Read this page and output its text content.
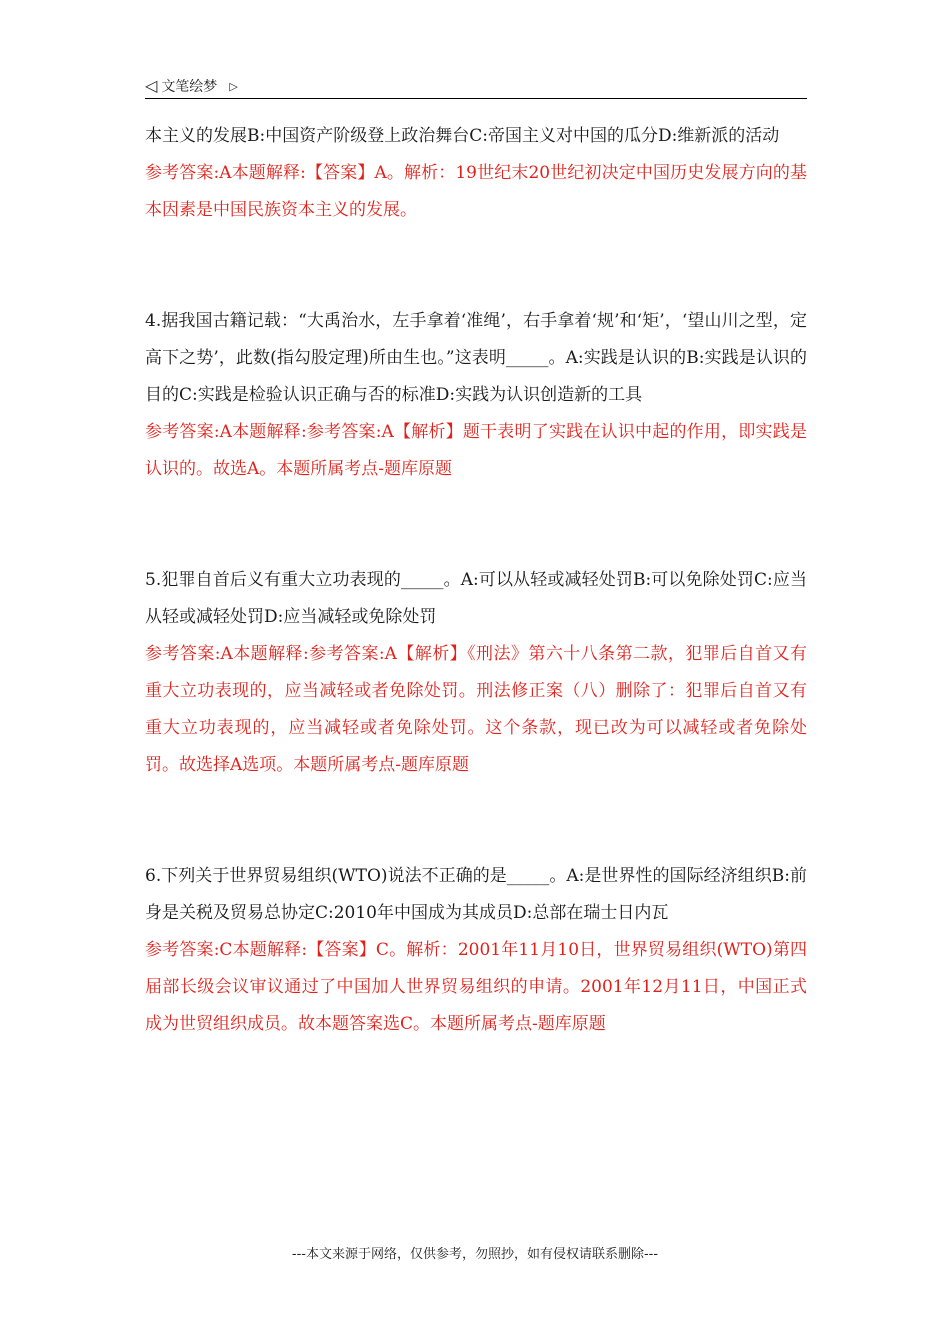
◁ 文笔绘梦 ▷

本主义的发展B:中国资产阶级登上政治舞台C:帝国主义对中国的瓜分D:维新派的活动

参考答案:A本题解释:【答案】A。解析：19世纪末20世纪初决定中国历史发展方向的基本因素是中国民族资本主义的发展。

4.据我国古籍记载：“大禹治水，左手拿着‘准绳’，右手拿着‘规’和‘矩’，‘望山川之型，定高下之势’，此数(指勾股定理)所由生也。”这表明_____。A:实践是认识的B:实践是认识的目的C:实践是检验认识正确与否的标准D:实践为认识创造新的工具

参考答案:A本题解释:参考答案:A【解析】题干表明了实践在认识中起的作用，即实践是认识的。故选A。本题所属考点-题库原题

5.犯罪自首后义有重大立功表现的_____。A:可以从轻或减轻处罚B:可以免除处罚C:应当从轻或减轻处罚D:应当减轻或免除处罚

参考答案:A本题解释:参考答案:A【解析】《刑法》第六十八条第二款，犯罪后自首又有重大立功表现的，应当减轻或者免除处罚。刑法修正案（八）删除了：犯罪后自首又有重大立功表现的，应当减轻或者免除处罚。这个条款，现已改为可以减轻或者免除处罚。故选择A选项。本题所属考点-题库原题

6.下列关于世界贸易组织(WTO)说法不正确的是_____。A:是世界性的国际经济组织B:前身是关税及贸易总协定C:2010年中国成为其成员D:总部在瑞士日内瓦

参考答案:C本题解释:【答案】C。解析：2001年11月10日，世界贸易组织(WTO)第四届部长级会议审议通过了中国加人世界贸易组织的申请。2001年12月11日，中国正式成为世贸组织成员。故本题答案选C。本题所属考点-题库原题

---本文来源于网络，仅供参考，勿照抄，如有侵权请联系删除---
